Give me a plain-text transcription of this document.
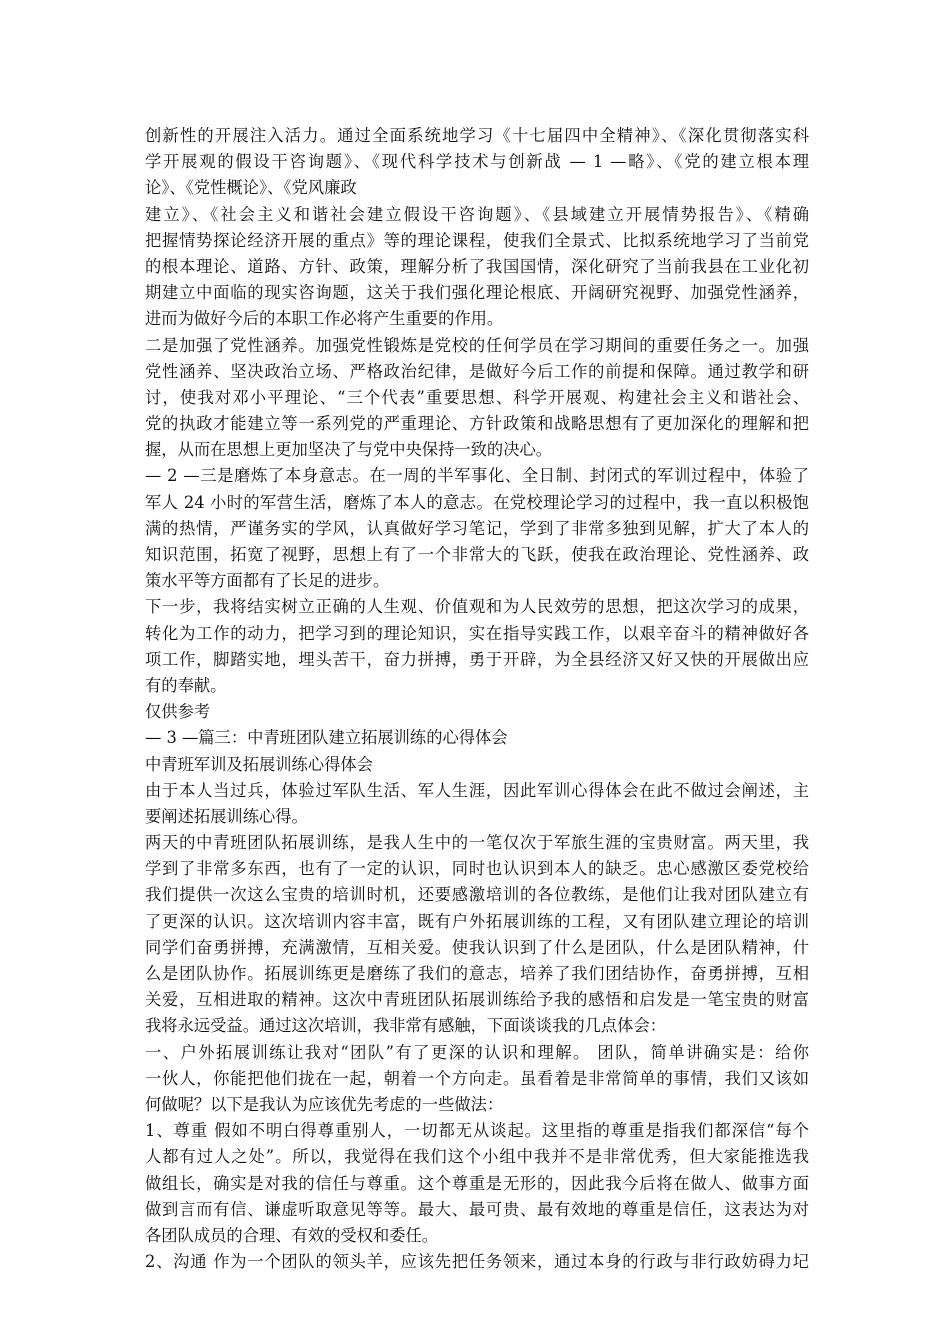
创新性的开展注入活力。通过全面系统地学习《十七届四中全精神》、《深化贯彻落实科
学开展观的假设干咨询题》、《现代科学技术与创新战 — 1 —略》、《党的建立根本理
论》、《党性概论》、《党风廉政
建立》、《社会主义和谐社会建立假设干咨询题》、《县域建立开展情势报告》、《精确
把握情势探论经济开展的重点》等的理论课程，使我们全景式、比拟系统地学习了当前党
的根本理论、道路、方针、政策，理解分析了我国国情，深化研究了当前我县在工业化初
期建立中面临的现实咨询题，这关于我们强化理论根底、开阔研究视野、加强党性涵养，
进而为做好今后的本职工作必将产生重要的作用。
二是加强了党性涵养。加强党性锻炼是党校的任何学员在学习期间的重要任务之一。加强
党性涵养、坚决政治立场、严格政治纪律，是做好今后工作的前提和保障。通过教学和研
讨，使我对邓小平理论、“三个代表”重要思想、科学开展观、构建社会主义和谐社会、
党的执政才能建立等一系列党的严重理论、方针政策和战略思想有了更加深化的理解和把
握，从而在思想上更加坚决了与党中央保持一致的决心。
— 2 —三是磨炼了本身意志。在一周的半军事化、全日制、封闭式的军训过程中，体验了
军人 24 小时的军营生活，磨炼了本人的意志。在党校理论学习的过程中，我一直以积极饱
满的热情，严谨务实的学风，认真做好学习笔记，学到了非常多独到见解，扩大了本人的
知识范围，拓宽了视野，思想上有了一个非常大的飞跃，使我在政治理论、党性涵养、政
策水平等方面都有了长足的进步。
下一步，我将结实树立正确的人生观、价值观和为人民效劳的思想，把这次学习的成果，
转化为工作的动力，把学习到的理论知识，实在指导实践工作，以艰辛奋斗的精神做好各
项工作，脚踏实地，埋头苦干，奋力拼搏，勇于开辟，为全县经济又好又快的开展做出应
有的奉献。
仅供参考
— 3 —篇三：中青班团队建立拓展训练的心得体会
中青班军训及拓展训练心得体会
由于本人当过兵，体验过军队生活、军人生涯，因此军训心得体会在此不做过会阐述，主
要阐述拓展训练心得。
两天的中青班团队拓展训练，是我人生中的一笔仅次于军旅生涯的宝贵财富。两天里，我
学到了非常多东西，也有了一定的认识，同时也认识到本人的缺乏。忠心感激区委党校给
我们提供一次这么宝贵的培训时机，还要感激培训的各位教练，是他们让我对团队建立有
了更深的认识。这次培训内容丰富，既有户外拓展训练的工程，又有团队建立理论的培训
同学们奋勇拼搏，充满激情，互相关爱。使我认识到了什么是团队，什么是团队精神，什
么是团队协作。拓展训练更是磨练了我们的意志，培养了我们团结协作，奋勇拼搏，互相
关爱，互相进取的精神。这次中青班团队拓展训练给予我的感悟和启发是一笔宝贵的财富
我将永远受益。通过这次培训，我非常有感触，下面谈谈我的几点体会：
一、户外拓展训练让我对“团队”有了更深的认识和理解。 团队，简单讲确实是：给你
一伙人，你能把他们拢在一起，朝着一个方向走。虽看着是非常简单的事情，我们又该如
何做呢？以下是我认为应该优先考虑的一些做法：
1、尊重 假如不明白得尊重别人，一切都无从谈起。这里指的尊重是指我们都深信“每个
人都有过人之处”。所以，我觉得在我们这个小组中我并不是非常优秀，但大家能推选我
做组长，确实是对我的信任与尊重。这个尊重是无形的，因此我今后将在做人、做事方面
做到言而有信、谦虚听取意见等等。最大、最可贵、最有效地的尊重是信任，这表达为对
各团队成员的合理、有效的受权和委任。
2、沟通 作为一个团队的领头羊，应该先把任务领来，通过本身的行政与非行政妨碍力圮
